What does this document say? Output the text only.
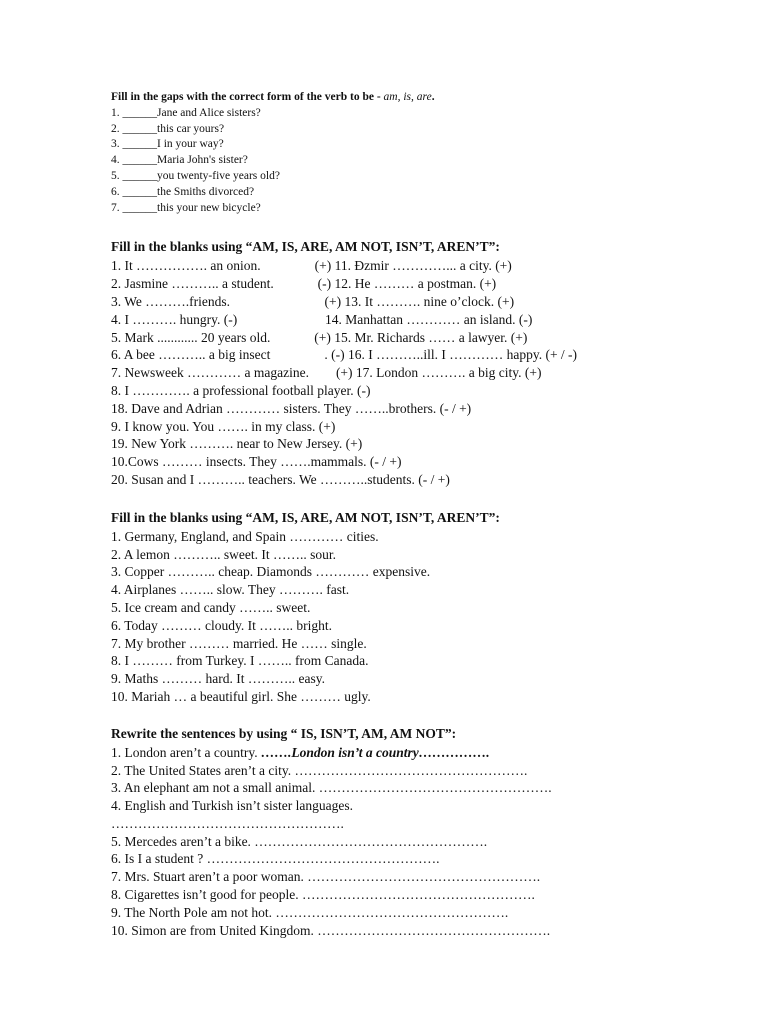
Fill in the gaps with the correct form of the verb to be - am, is, are.
1. ______Jane and Alice sisters?
2. ______this car yours?
3. ______I in your way?
4. ______Maria John's sister?
5. ______you twenty-five years old?
6. ______the Smiths divorced?
7. ______this your new bicycle?
Fill in the blanks using “AM, IS, ARE, AM NOT, ISN’T, AREN’T”:
1. It ……………. an onion.                (+) 11. Đzmir …………... a city. (+)
2. Jasmine ……….. a student.             (-) 12. He ……… a postman. (+)
3. We ……….friends.                            (+) 13. It ………. nine o’clock. (+)
4. I ………. hungry. (-)                          14. Manhattan ………… an island. (-)
5. Mark ............ 20 years old.             (+) 15. Mr. Richards …… a lawyer. (+)
6. A bee ……….. a big insect                . (-) 16. I ………..ill. I ………… happy. (+ / -)
7. Newsweek ………… a magazine.        (+) 17. London ………. a big city. (+)
8. I …………. a professional football player. (-)
18. Dave and Adrian ………… sisters. They ……..brothers. (- / +)
9. I know you. You ……. in my class. (+)
19. New York ………. near to New Jersey. (+)
10.Cows ……… insects. They …….mammals. (- / +)
20. Susan and I ……….. teachers. We ………..students. (- / +)
Fill in the blanks using “AM, IS, ARE, AM NOT, ISN’T, AREN’T”:
1. Germany, England, and Spain ………… cities.
2. A lemon ……….. sweet. It …….. sour.
3. Copper ……….. cheap. Diamonds ………… expensive.
4. Airplanes …….. slow. They ………. fast.
5. Ice cream and candy …….. sweet.
6. Today ……… cloudy. It …….. bright.
7. My brother ……… married. He …… single.
8. I ……… from Turkey. I …….. from Canada.
9. Maths ……… hard. It ……….. easy.
10. Mariah … a beautiful girl. She ……… ugly.
Rewrite the sentences by using “ IS, ISN’T, AM, AM NOT”:
1. London aren’t a country. …….London isn’t a country…………….
2. The United States aren’t a city. …………………………………………….
3. An elephant am not a small animal. …………………………………………….
4. English and Turkish isn’t sister languages.
…………………………………………….
5. Mercedes aren’t a bike. …………………………………………….
6. Is I a student ? …………………………………………….
7. Mrs. Stuart aren’t a poor woman. …………………………………………….
8. Cigarettes isn’t good for people. …………………………………………….
9. The North Pole am not hot. …………………………………………….
10. Simon are from United Kingdom. …………………………………………….
